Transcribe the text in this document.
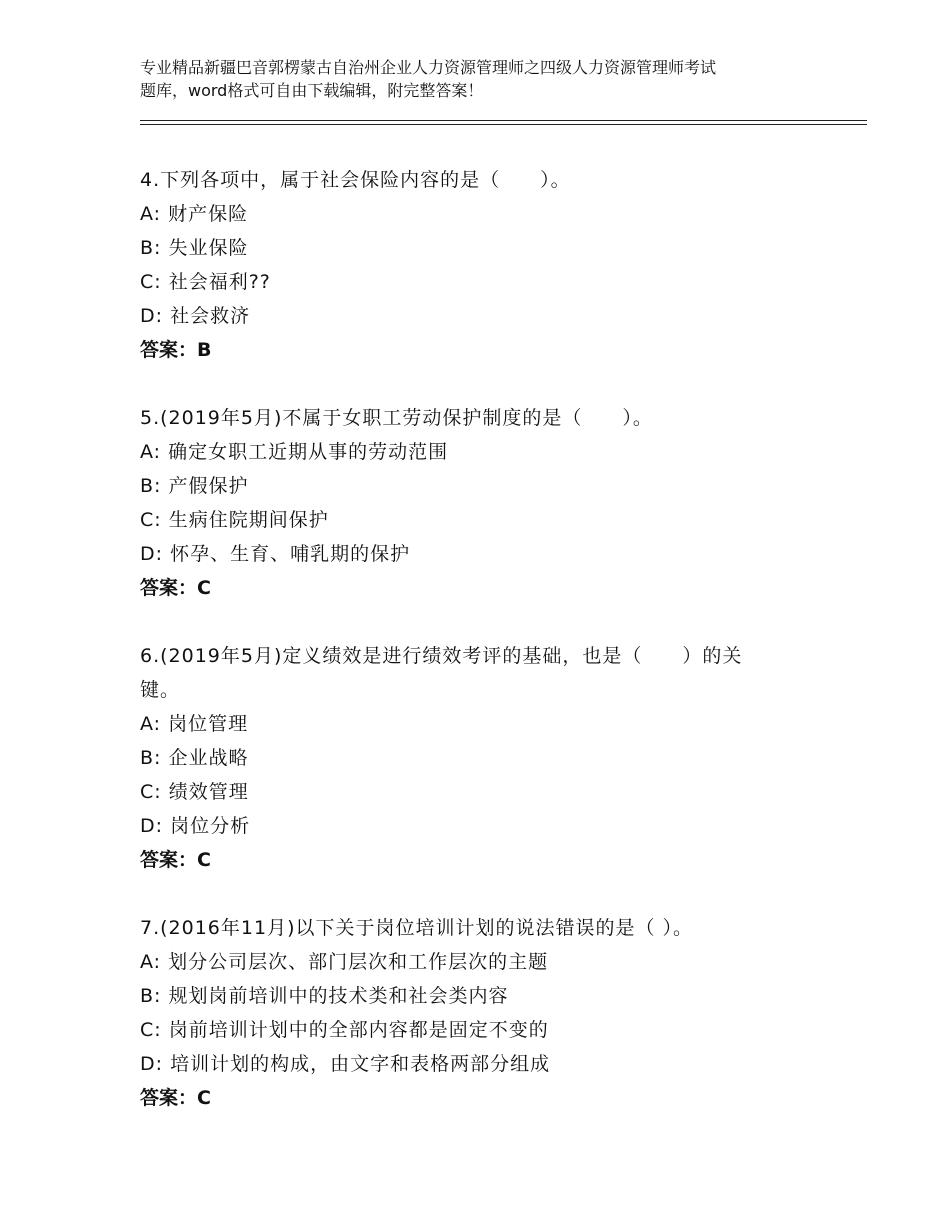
专业精品新疆巴音郭楞蒙古自治州企业人力资源管理师之四级人力资源管理师考试
题库，word格式可自由下载编辑，附完整答案！
4.下列各项中，属于社会保险内容的是（　　）。
A: 财产保险
B: 失业保险
C: 社会福利??
D: 社会救济
答案：B
5.(2019年5月)不属于女职工劳动保护制度的是（　　）。
A: 确定女职工近期从事的劳动范围
B: 产假保护
C: 生病住院期间保护
D: 怀孕、生育、哺乳期的保护
答案：C
6.(2019年5月)定义绩效是进行绩效考评的基础，也是（　　）的关
键。
A: 岗位管理
B: 企业战略
C: 绩效管理
D: 岗位分析
答案：C
7.(2016年11月)以下关于岗位培训计划的说法错误的是（ ）。
A: 划分公司层次、部门层次和工作层次的主题
B: 规划岗前培训中的技术类和社会类内容
C: 岗前培训计划中的全部内容都是固定不变的
D: 培训计划的构成，由文字和表格两部分组成
答案：C
